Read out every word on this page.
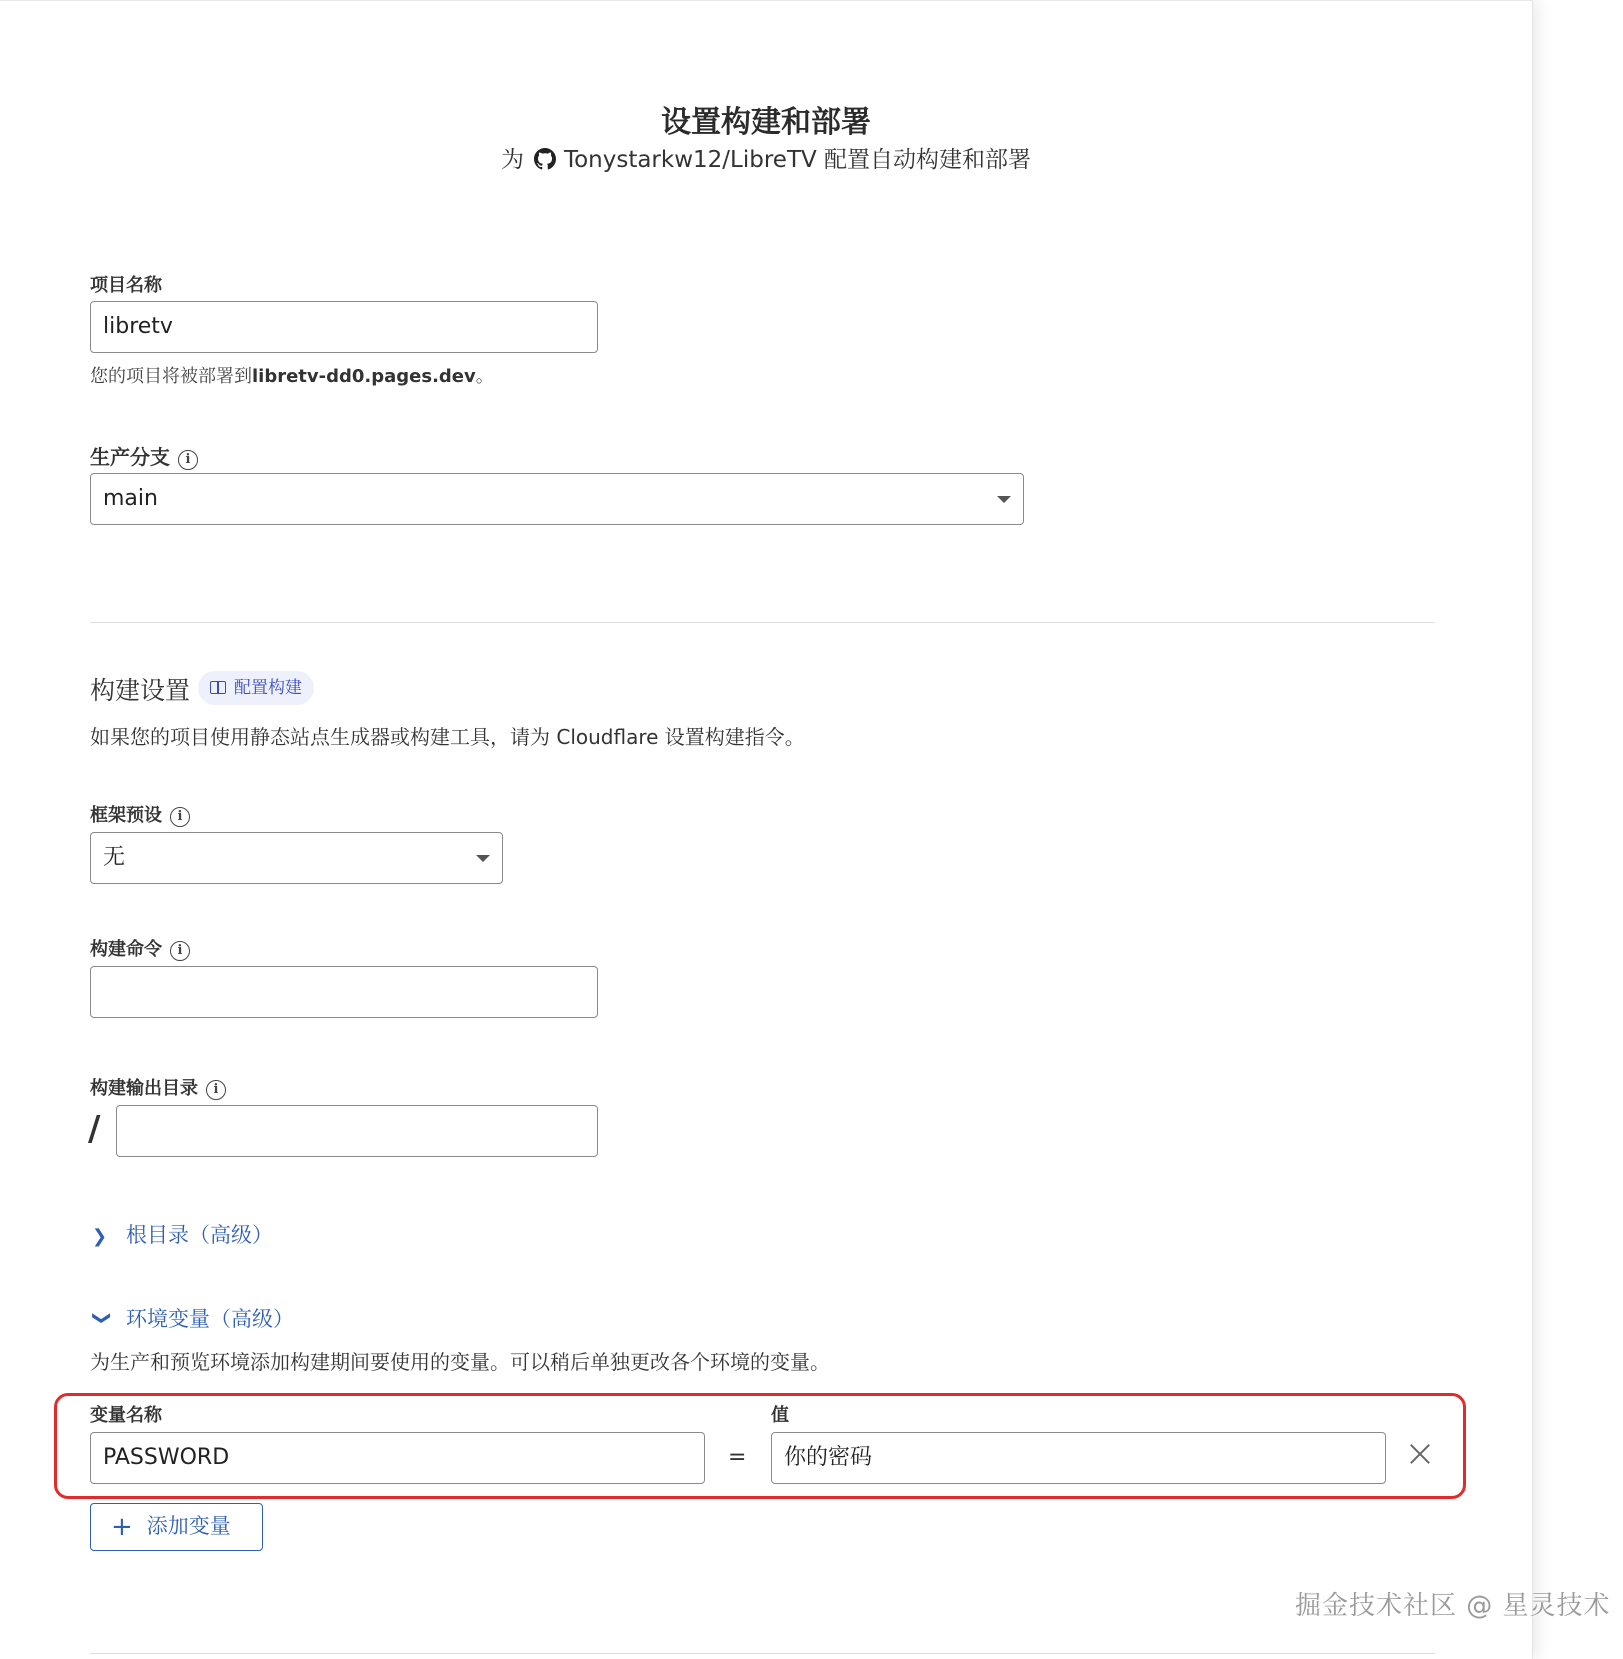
设置构建和部署
为 Tonystarkw12/LibreTV 配置自动构建和部署
项目名称
libretv
您的项目将被部署到libretv-dd0.pages.dev。
生产分支 i
main
构建设置	配置构建
如果您的项目使用静态站点生成器或构建工具，请为 Cloudflare 设置构建指令。
框架预设 i
无
构建命令 i
构建输出目录 i
/
❯ 根目录（高级）
❯ 环境变量（高级）
为生产和预览环境添加构建期间要使用的变量。可以稍后单独更改各个环境的变量。
变量名称	值
PASSWORD	=	你的密码
+ 添加变量
掘金技术社区 @ 星灵技术
